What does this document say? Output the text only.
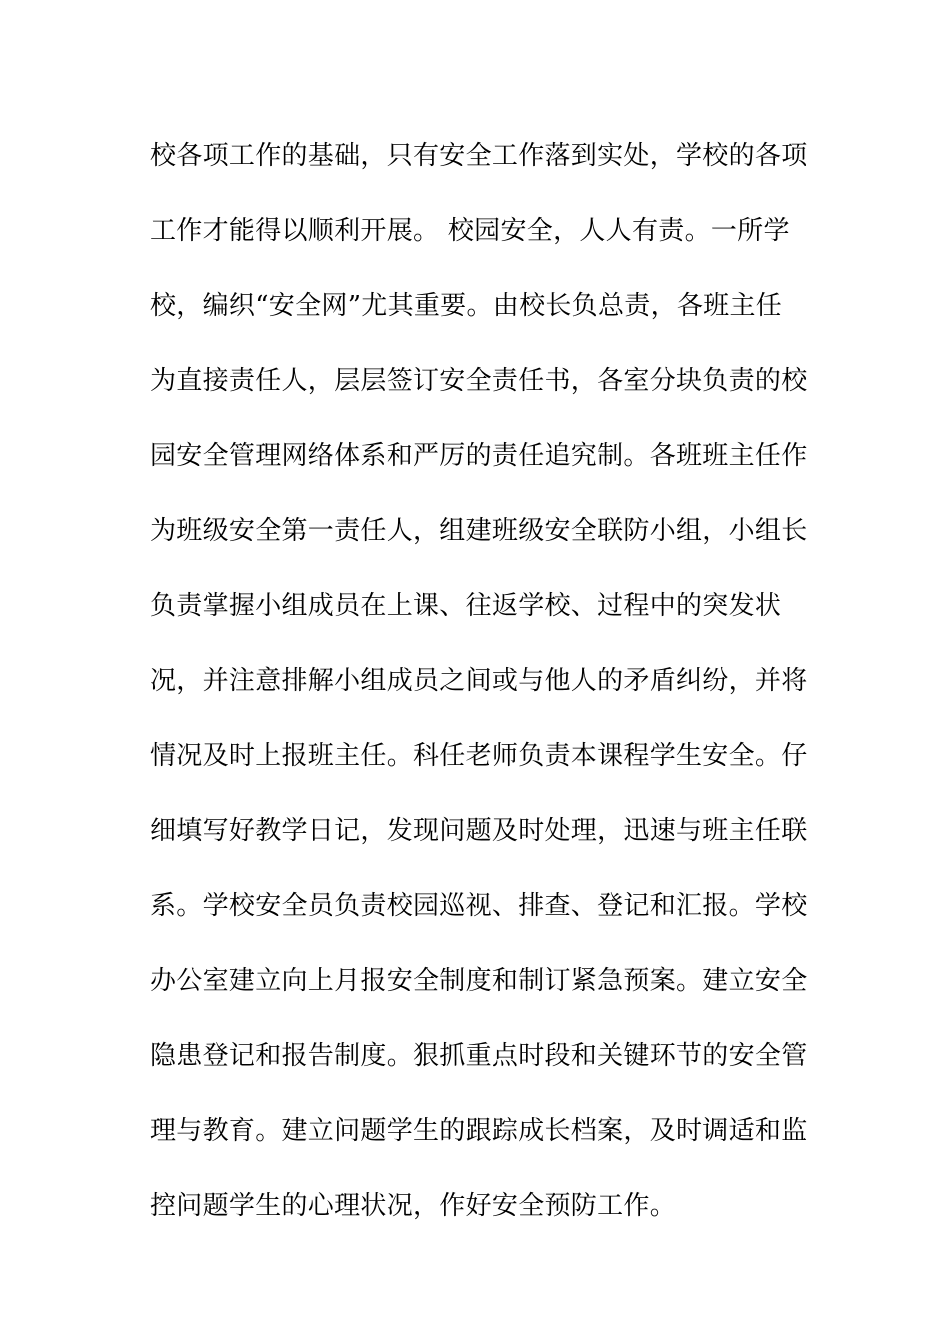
校各项工作的基础，只有安全工作落到实处，学校的各项
工作才能得以顺利开展。 校园安全，人人有责。一所学
校，编织“安全网”尤其重要。由校长负总责，各班主任
为直接责任人，层层签订安全责任书，各室分块负责的校
园安全管理网络体系和严厉的责任追究制。各班班主任作
为班级安全第一责任人，组建班级安全联防小组，小组长
负责掌握小组成员在上课、往返学校、过程中的突发状
况，并注意排解小组成员之间或与他人的矛盾纠纷，并将
情况及时上报班主任。科任老师负责本课程学生安全。仔
细填写好教学日记，发现问题及时处理，迅速与班主任联
系。学校安全员负责校园巡视、排查、登记和汇报。学校
办公室建立向上月报安全制度和制订紧急预案。建立安全
隐患登记和报告制度。狠抓重点时段和关键环节的安全管
理与教育。建立问题学生的跟踪成长档案，及时调适和监
控问题学生的心理状况，作好安全预防工作。
